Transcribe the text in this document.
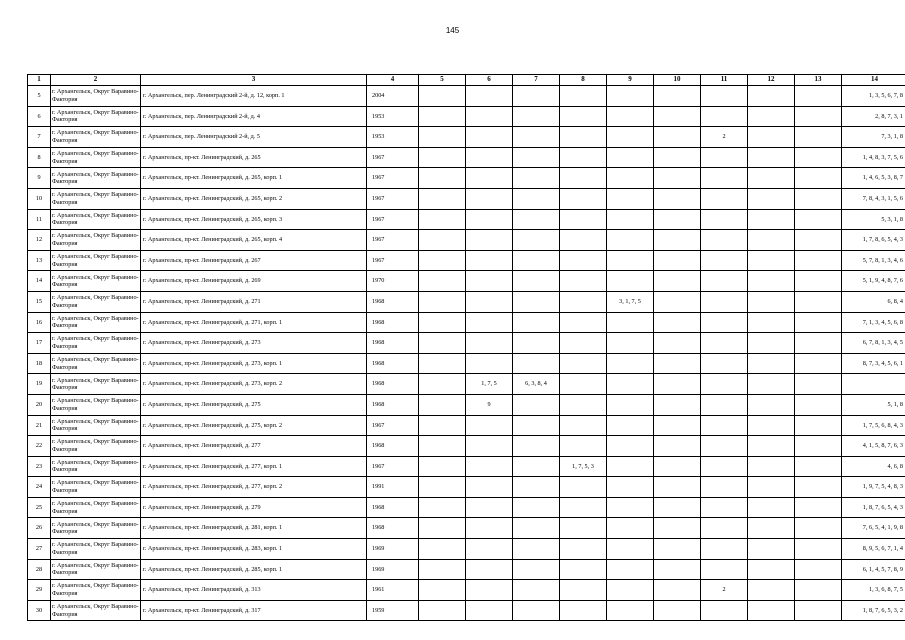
145
1	2	3	4	5	6	7	8	9	10	11	12	13	14
5	г. Архангельск, Округ Варавино-Фактория	г. Архангельск, пер. Ленинградский 2-й, д. 12, корп. 1	2004										1, 3, 5, 6, 7, 8
6	г. Архангельск, Округ Варавино-Фактория	г. Архангельск, пер. Ленинградский 2-й, д. 4	1953										2, 8, 7, 3, 1
7	г. Архангельск, Округ Варавино-Фактория	г. Архангельск, пер. Ленинградский 2-й, д. 5	1953							2			7, 3, 1, 8
8	г. Архангельск, Округ Варавино-Фактория	г. Архангельск, пр-кт. Ленинградский, д. 265	1967										1, 4, 8, 3, 7, 5, 6
9	г. Архангельск, Округ Варавино-Фактория	г. Архангельск, пр-кт. Ленинградский, д. 265, корп. 1	1967										1, 4, 6, 5, 3, 8, 7
10	г. Архангельск, Округ Варавино-Фактория	г. Архангельск, пр-кт. Ленинградский, д. 265, корп. 2	1967										7, 8, 4, 3, 1, 5, 6
11	г. Архангельск, Округ Варавино-Фактория	г. Архангельск, пр-кт. Ленинградский, д. 265, корп. 3	1967										5, 3, 1, 8
12	г. Архангельск, Округ Варавино-Фактория	г. Архангельск, пр-кт. Ленинградский, д. 265, корп. 4	1967										1, 7, 8, 6, 5, 4, 3
13	г. Архангельск, Округ Варавино-Фактория	г. Архангельск, пр-кт. Ленинградский, д. 267	1967										5, 7, 8, 1, 3, 4, 6
14	г. Архангельск, Округ Варавино-Фактория	г. Архангельск, пр-кт. Ленинградский, д. 269	1970										5, 1, 9, 4, 8, 7, 6
15	г. Архангельск, Округ Варавино-Фактория	г. Архангельск, пр-кт. Ленинградский, д. 271	1968					3, 1, 7, 5					6, 8, 4
16	г. Архангельск, Округ Варавино-Фактория	г. Архангельск, пр-кт. Ленинградский, д. 271, корп. 1	1968										7, 1, 3, 4, 5, 6, 8
17	г. Архангельск, Округ Варавино-Фактория	г. Архангельск, пр-кт. Ленинградский, д. 273	1968										6, 7, 8, 1, 3, 4, 5
18	г. Архангельск, Округ Варавино-Фактория	г. Архангельск, пр-кт. Ленинградский, д. 273, корп. 1	1968										8, 7, 3, 4, 5, 6, 1
19	г. Архангельск, Округ Варавино-Фактория	г. Архангельск, пр-кт. Ленинградский, д. 273, корп. 2	1968		1, 7, 5	6, 3, 8, 4							
20	г. Архангельск, Округ Варавино-Фактория	г. Архангельск, пр-кт. Ленинградский, д. 275	1968		9								5, 1, 8
21	г. Архангельск, Округ Варавино-Фактория	г. Архангельск, пр-кт. Ленинградский, д. 275, корп. 2	1967										1, 7, 5, 6, 8, 4, 3
22	г. Архангельск, Округ Варавино-Фактория	г. Архангельск, пр-кт. Ленинградский, д. 277	1968										4, 1, 5, 8, 7, 6, 3
23	г. Архангельск, Округ Варавино-Фактория	г. Архангельск, пр-кт. Ленинградский, д. 277, корп. 1	1967				1, 7, 5, 3						4, 6, 8
24	г. Архангельск, Округ Варавино-Фактория	г. Архангельск, пр-кт. Ленинградский, д. 277, корп. 2	1991										1, 9, 7, 5, 4, 8, 3
25	г. Архангельск, Округ Варавино-Фактория	г. Архангельск, пр-кт. Ленинградский, д. 279	1968										1, 8, 7, 6, 5, 4, 3
26	г. Архангельск, Округ Варавино-Фактория	г. Архангельск, пр-кт. Ленинградский, д. 281, корп. 1	1968										7, 6, 5, 4, 1, 9, 8
27	г. Архангельск, Округ Варавино-Фактория	г. Архангельск, пр-кт. Ленинградский, д. 283, корп. 1	1969										8, 9, 5, 6, 7, 1, 4
28	г. Архангельск, Округ Варавино-Фактория	г. Архангельск, пр-кт. Ленинградский, д. 285, корп. 1	1969										6, 1, 4, 5, 7, 8, 9
29	г. Архангельск, Округ Варавино-Фактория	г. Архангельск, пр-кт. Ленинградский, д. 313	1961							2			1, 3, 6, 8, 7, 5
30	г. Архангельск, Округ Варавино-Фактория	г. Архангельск, пр-кт. Ленинградский, д. 317	1959										1, 8, 7, 6, 5, 3, 2
